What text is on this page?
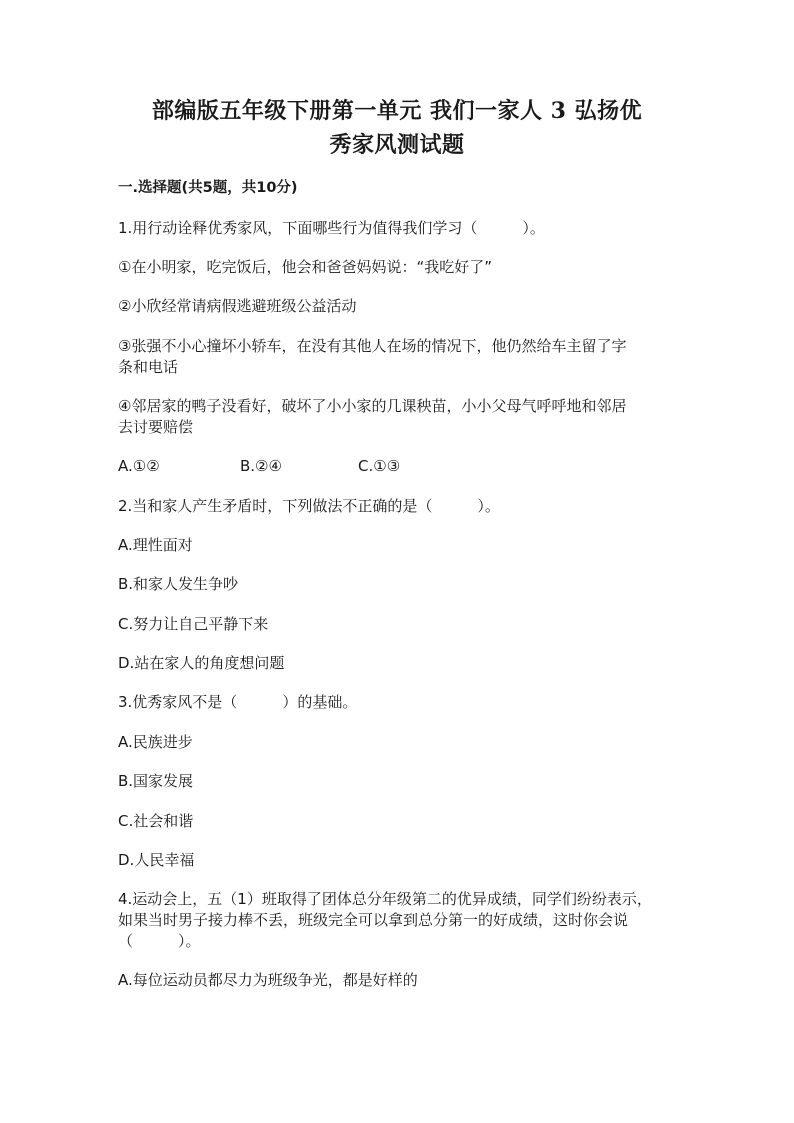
部编版五年级下册第一单元 我们一家人 3 弘扬优
秀家风测试题
一.选择题(共5题，共10分)
1.用行动诠释优秀家风，下面哪些行为值得我们学习（　　　）。
①在小明家，吃完饭后，他会和爸爸妈妈说：“我吃好了”
②小欣经常请病假逃避班级公益活动
③张强不小心撞坏小轿车，在没有其他人在场的情况下，他仍然给车主留了字
条和电话
④邻居家的鸭子没看好，破坏了小小家的几课秧苗，小小父母气呼呼地和邻居
去讨要赔偿
A.①②	B.②④	C.①③
2.当和家人产生矛盾时，下列做法不正确的是（　　　）。
A.理性面对
B.和家人发生争吵
C.努力让自己平静下来
D.站在家人的角度想问题
3.优秀家风不是（　　　）的基础。
A.民族进步
B.国家发展
C.社会和谐
D.人民幸福
4.运动会上，五（1）班取得了团体总分年级第二的优异成绩，同学们纷纷表示，
如果当时男子接力棒不丢，班级完全可以拿到总分第一的好成绩，这时你会说
（　　　）。
A.每位运动员都尽力为班级争光，都是好样的
